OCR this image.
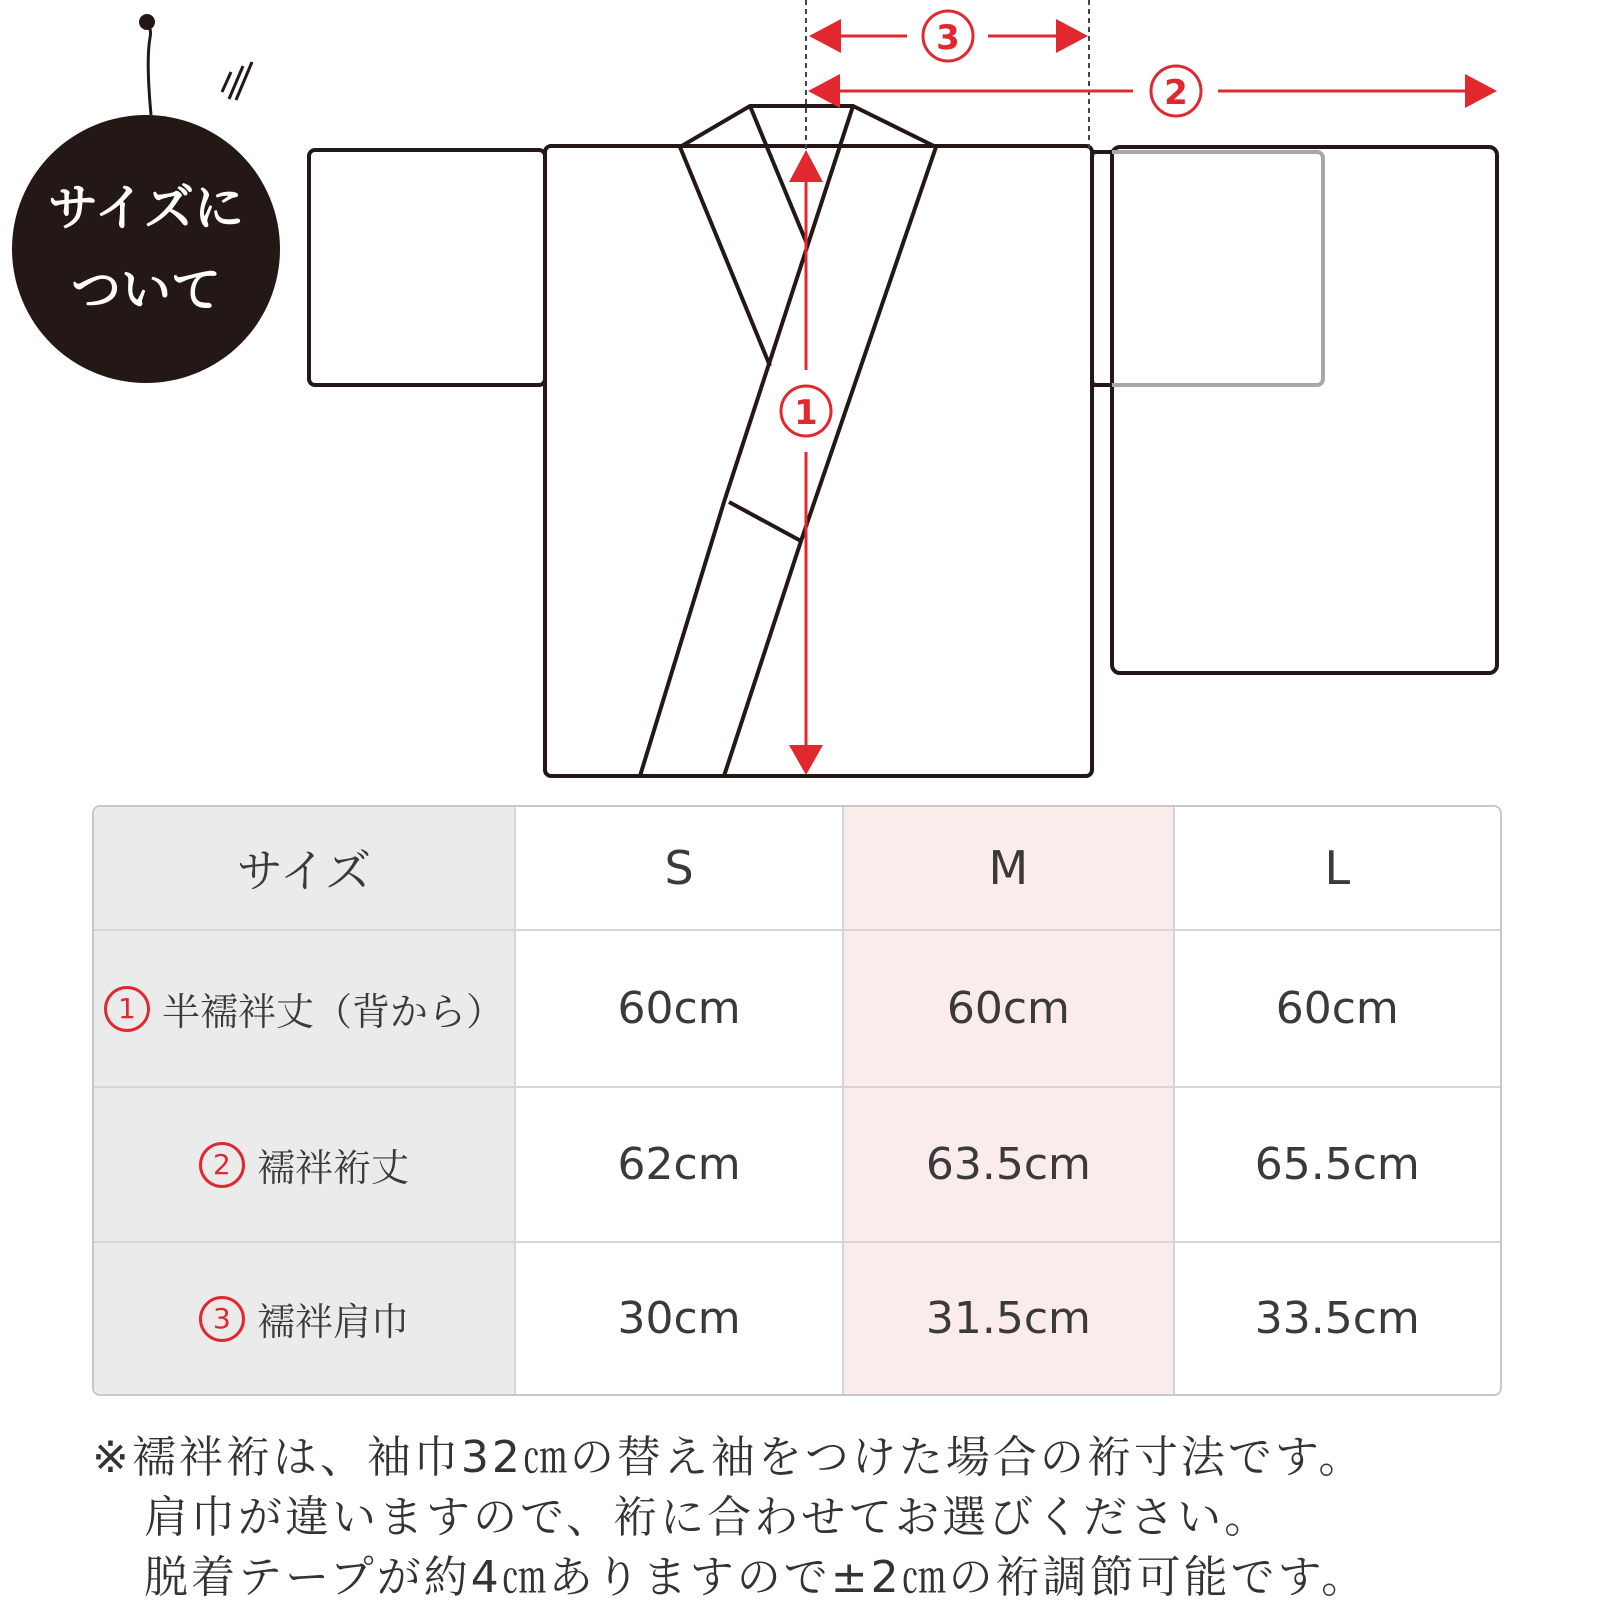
1
2
3
サイズに
ついて
サイズ	S	M	L
1 半襦袢丈（背から）	60cm	60cm	60cm
2 襦袢裄丈	62cm	63.5cm	65.5cm
3 襦袢肩巾	30cm	31.5cm	33.5cm
※襦袢裄は、袖巾32㎝の替え袖をつけた場合の裄寸法です。
肩巾が違いますので、裄に合わせてお選びください。
脱着テープが約4㎝ありますので±2㎝の裄調節可能です。
